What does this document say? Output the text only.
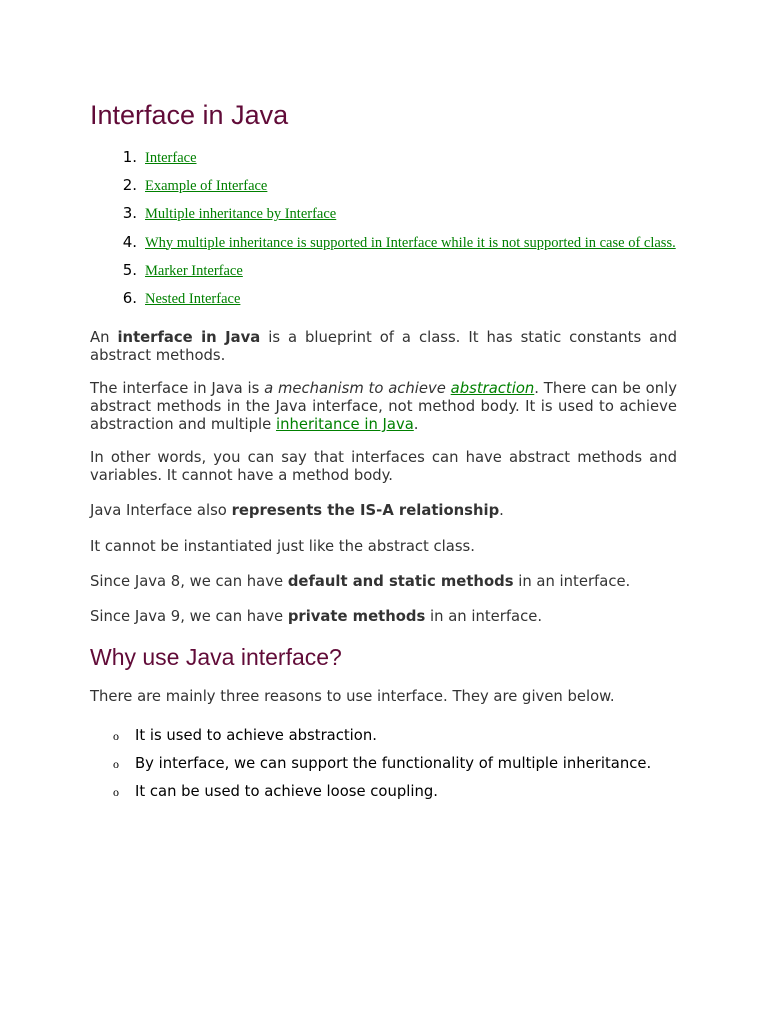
Interface in Java
1. Interface
2. Example of Interface
3. Multiple inheritance by Interface
4. Why multiple inheritance is supported in Interface while it is not supported in case of class.
5. Marker Interface
6. Nested Interface

An interface in Java is a blueprint of a class. It has static constants and abstract methods.

The interface in Java is a mechanism to achieve abstraction. There can be only abstract methods in the Java interface, not method body. It is used to achieve abstraction and multiple inheritance in Java.

In other words, you can say that interfaces can have abstract methods and variables. It cannot have a method body.

Java Interface also represents the IS-A relationship.

It cannot be instantiated just like the abstract class.

Since Java 8, we can have default and static methods in an interface.

Since Java 9, we can have private methods in an interface.

Why use Java interface?

There are mainly three reasons to use interface. They are given below.

o	It is used to achieve abstraction.
o	By interface, we can support the functionality of multiple inheritance.
o	It can be used to achieve loose coupling.
